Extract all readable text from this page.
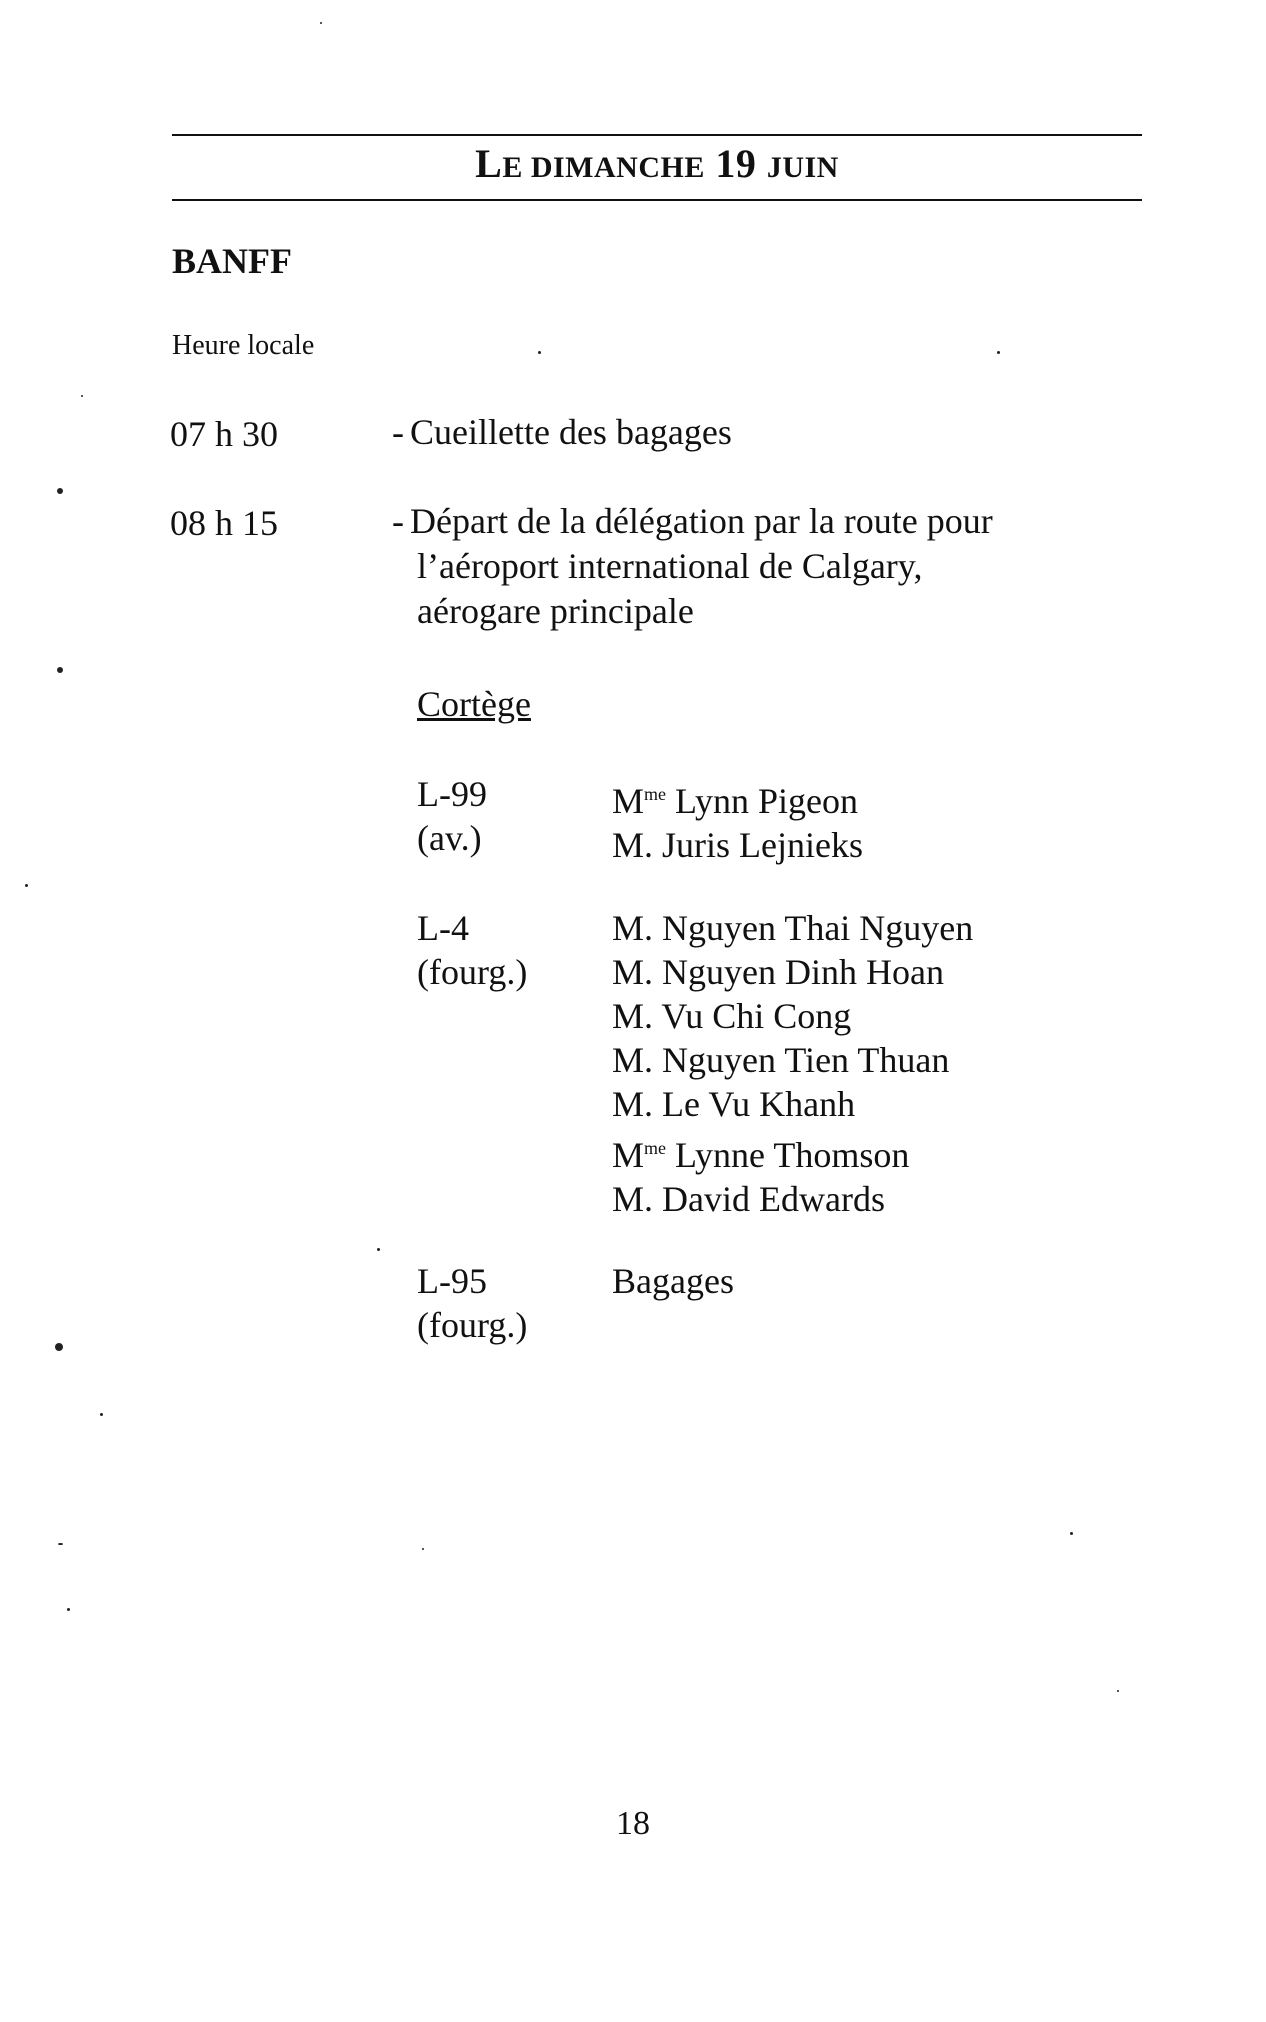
LE DIMANCHE 19 JUIN
BANFF
Heure locale
07 h 30	- Cueillette des bagages
08 h 15	- Départ de la délégation par la route pour
l’aéroport international de Calgary,
aérogare principale
Cortège
L-99
(av.)
$M^{me}$ Lynn Pigeon
M. Juris Lejnieks
L-4
(fourg.)
M. Nguyen Thai Nguyen
M. Nguyen Dinh Hoan
M. Vu Chi Cong
M. Nguyen Tien Thuan
M. Le Vu Khanh
$M^{me}$ Lynne Thomson
M. David Edwards
L-95
(fourg.)
Bagages
18
